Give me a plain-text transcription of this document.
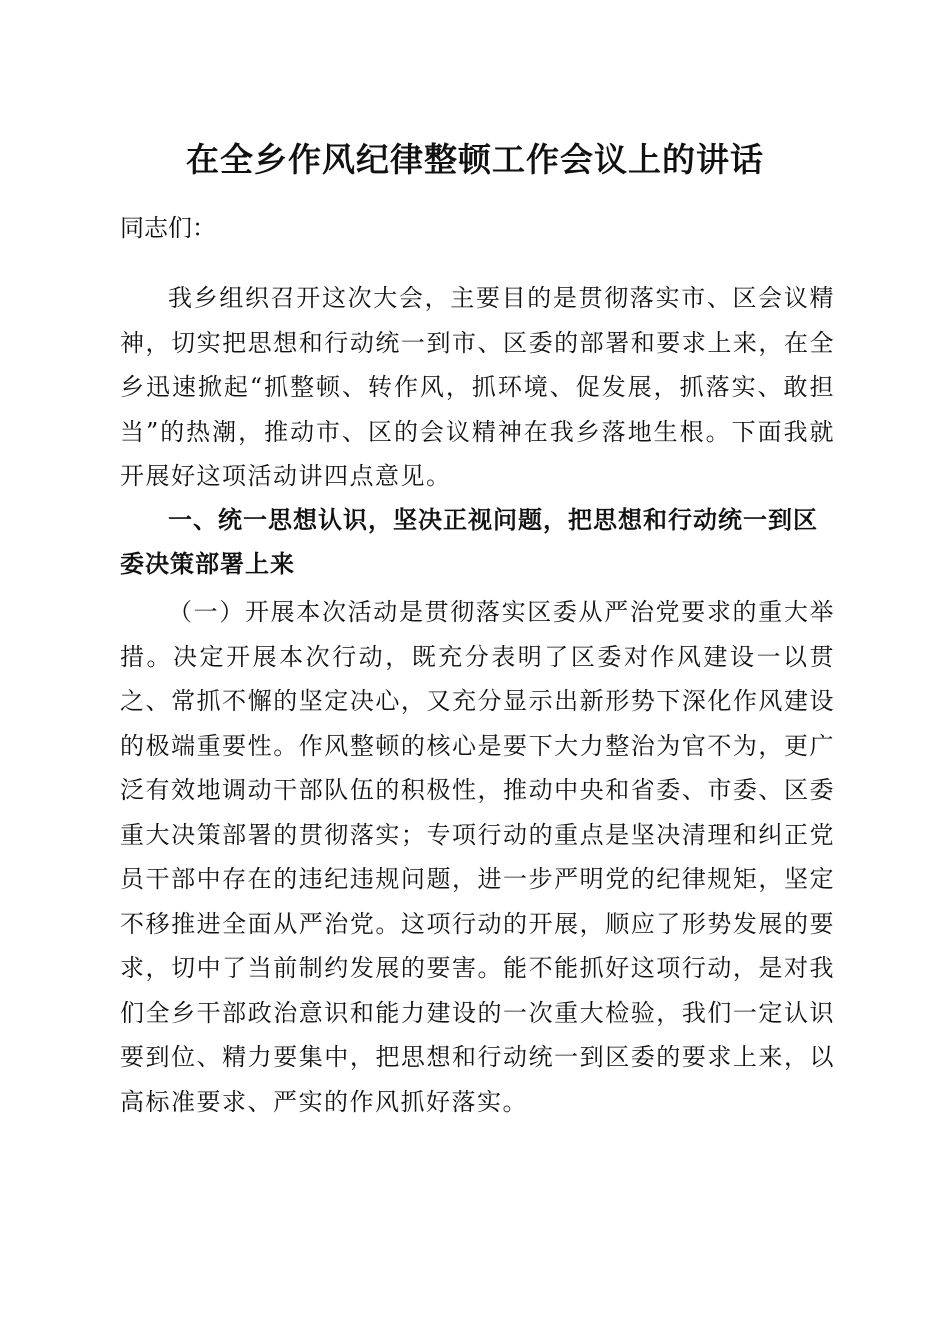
在全乡作风纪律整顿工作会议上的讲话

同志们：

我乡组织召开这次大会，主要目的是贯彻落实市、区会议精神，切实把思想和行动统一到市、区委的部署和要求上来，在全乡迅速掀起“抓整顿、转作风，抓环境、促发展，抓落实、敢担当”的热潮，推动市、区的会议精神在我乡落地生根。下面我就开展好这项活动讲四点意见。

一、统一思想认识，坚决正视问题，把思想和行动统一到区委决策部署上来

（一）开展本次活动是贯彻落实区委从严治党要求的重大举措。决定开展本次行动，既充分表明了区委对作风建设一以贯之、常抓不懈的坚定决心，又充分显示出新形势下深化作风建设的极端重要性。作风整顿的核心是要下大力整治为官不为，更广泛有效地调动干部队伍的积极性，推动中央和省委、市委、区委重大决策部署的贯彻落实；专项行动的重点是坚决清理和纠正党员干部中存在的违纪违规问题，进一步严明党的纪律规矩，坚定不移推进全面从严治党。这项行动的开展，顺应了形势发展的要求，切中了当前制约发展的要害。能不能抓好这项行动，是对我们全乡干部政治意识和能力建设的一次重大检验，我们一定认识要到位、精力要集中，把思想和行动统一到区委的要求上来，以高标准要求、严实的作风抓好落实。
